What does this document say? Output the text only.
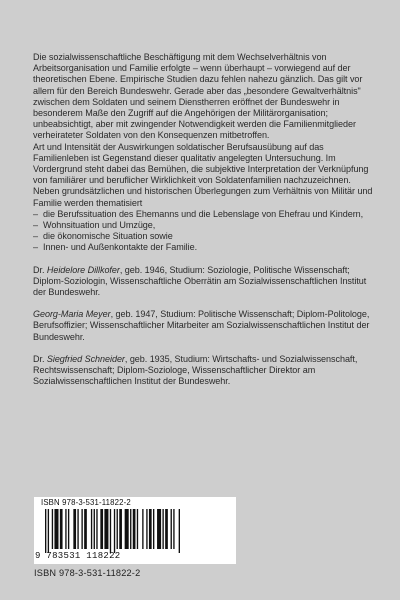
Die sozialwissenschaftliche Beschäftigung mit dem Wechselverhältnis von Arbeitsorganisation und Familie erfolgte – wenn überhaupt – vorwiegend auf der theoretischen Ebene. Empirische Studien dazu fehlen nahezu gänzlich. Das gilt vor allem für den Bereich Bundeswehr. Gerade aber das „besondere Gewaltverhältnis" zwischen dem Soldaten und seinem Dienstherren eröffnet der Bundeswehr in besonderem Maße den Zugriff auf die Angehörigen der Militärorganisation; unbeabsichtigt, aber mit zwingender Notwendigkeit werden die Familienmitglieder verheirateter Soldaten von den Konsequenzen mitbetroffen.

Art und Intensität der Auswirkungen soldatischer Berufsausübung auf das Familienleben ist Gegenstand dieser qualitativ angelegten Untersuchung. Im Vordergrund steht dabei das Bemühen, die subjektive Interpretation der Verknüpfung von familiärer und beruflicher Wirklichkeit von Soldatenfamilien nachzuzeichnen. Neben grundsätzlichen und historischen Überlegungen zum Verhältnis von Militär und Familie werden thematisiert

– die Berufssituation des Ehemanns und die Lebenslage von Ehefrau und Kindern,
– Wohnsituation und Umzüge,
– die ökonomische Situation sowie
– Innen- und Außenkontakte der Familie.

Dr. Heidelore Dillkofer, geb. 1946, Studium: Soziologie, Politische Wissenschaft; Diplom-Soziologin, Wissenschaftliche Oberrätin am Sozialwissenschaftlichen Institut der Bundeswehr.

Georg-Maria Meyer, geb. 1947, Studium: Politische Wissenschaft; Diplom-Politologe, Berufsoffizier; Wissenschaftlicher Mitarbeiter am Sozialwissenschaftlichen Institut der Bundeswehr.

Dr. Siegfried Schneider, geb. 1935, Studium: Wirtschafts- und Sozialwissenschaft, Rechtswissenschaft; Diplom-Soziologe, Wissenschaftlicher Direktor am Sozialwissenschaftlichen Institut der Bundeswehr.

ISBN 978-3-531-11822-2
9 783531 118222
ISBN 978-3-531-11822-2
